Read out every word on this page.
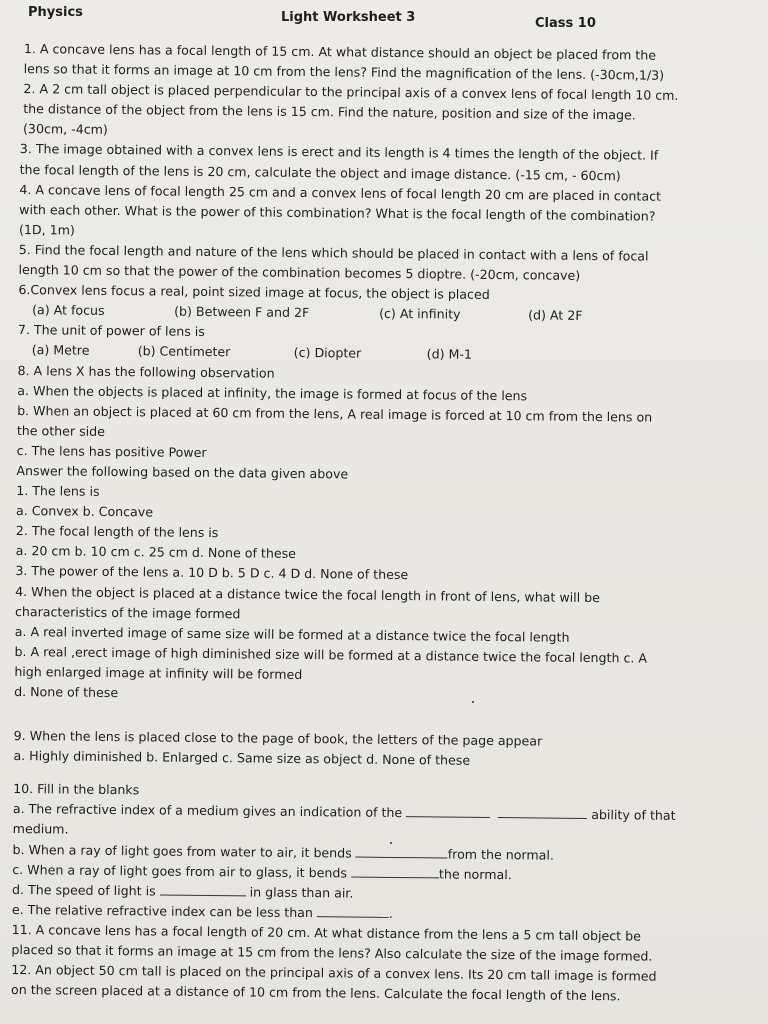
Physics	Light Worksheet 3	Class 10
1. A concave lens has a focal length of 15 cm. At what distance should an object be placed from the
lens so that it forms an image at 10 cm from the lens? Find the magnification of the lens. (-30cm,1/3)
2. A 2 cm tall object is placed perpendicular to the principal axis of a convex lens of focal length 10 cm.
the distance of the object from the lens is 15 cm. Find the nature, position and size of the image.
(30cm, -4cm)
3. The image obtained with a convex lens is erect and its length is 4 times the length of the object. If
the focal length of the lens is 20 cm, calculate the object and image distance. (-15 cm, - 60cm)
4. A concave lens of focal length 25 cm and a convex lens of focal length 20 cm are placed in contact
with each other. What is the power of this combination? What is the focal length of the combination?
(1D, 1m)
5. Find the focal length and nature of the lens which should be placed in contact with a lens of focal
length 10 cm so that the power of the combination becomes 5 dioptre. (-20cm, concave)
6.Convex lens focus a real, point sized image at focus, the object is placed
(a) At focus	(b) Between F and 2F	(c) At infinity	(d) At 2F
7. The unit of power of lens is
(a) Metre	(b) Centimeter	(c) Diopter	(d) M-1
8. A lens X has the following observation
a. When the objects is placed at infinity, the image is formed at focus of the lens
b. When an object is placed at 60 cm from the lens, A real image is forced at 10 cm from the lens on
the other side
c. The lens has positive Power
Answer the following based on the data given above
1. The lens is
a. Convex b. Concave
2. The focal length of the lens is
a. 20 cm b. 10 cm c. 25 cm d. None of these
3. The power of the lens a. 10 D b. 5 D c. 4 D d. None of these
4. When the object is placed at a distance twice the focal length in front of lens, what will be
characteristics of the image formed
a. A real inverted image of same size will be formed at a distance twice the focal length
b. A real ,erect image of high diminished size will be formed at a distance twice the focal length c. A
high enlarged image at infinity will be formed
d. None of these
9. When the lens is placed close to the page of book, the letters of the page appear
a. Highly diminished b. Enlarged c. Same size as object d. None of these
10. Fill in the blanks
a. The refractive index of a medium gives an indication of the	ability of that
medium.
b. When a ray of light goes from water to air, it bends	from the normal.
c. When a ray of light goes from air to glass, it bends	the normal.
d. The speed of light is	in glass than air.
e. The relative refractive index can be less than	.
11. A concave lens has a focal length of 20 cm. At what distance from the lens a 5 cm tall object be
placed so that it forms an image at 15 cm from the lens? Also calculate the size of the image formed.
12. An object 50 cm tall is placed on the principal axis of a convex lens. Its 20 cm tall image is formed
on the screen placed at a distance of 10 cm from the lens. Calculate the focal length of the lens.
